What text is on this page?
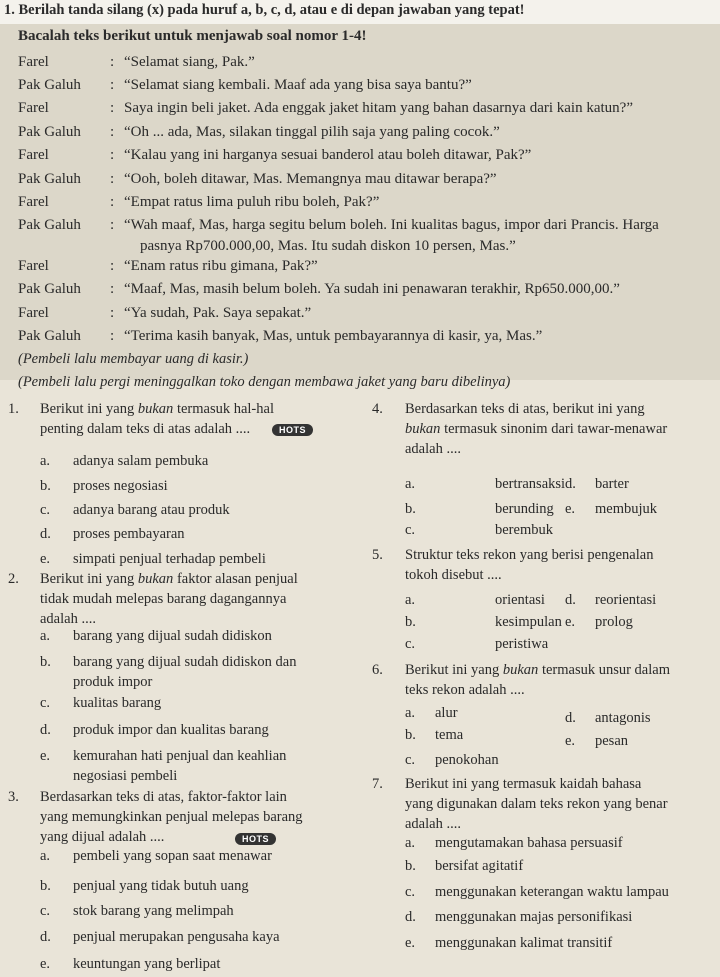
1. Berilah tanda silang (x) pada huruf a, b, c, d, atau e di depan jawaban yang tepat!
Bacalah teks berikut untuk menjawab soal nomor 1-4!
Farel	: “Selamat siang, Pak.”
Pak Galuh : “Selamat siang kembali. Maaf ada yang bisa saya bantu?”
Farel	: Saya ingin beli jaket. Ada enggak jaket hitam yang bahan dasarnya dari kain katun?”
Pak Galuh : “Oh ... ada, Mas, silakan tinggal pilih saja yang paling cocok.”
Farel	: “Kalau yang ini harganya sesuai banderol atau boleh ditawar, Pak?”
Pak Galuh : “Ooh, boleh ditawar, Mas. Memangnya mau ditawar berapa?”
Farel	: “Empat ratus lima puluh ribu boleh, Pak?”
Pak Galuh : “Wah maaf, Mas, harga segitu belum boleh. Ini kualitas bagus, impor dari Prancis. Harga
pasnya Rp700.000,00, Mas. Itu sudah diskon 10 persen, Mas.”
Farel	: “Enam ratus ribu gimana, Pak?”
Pak Galuh : “Maaf, Mas, masih belum boleh. Ya sudah ini penawaran terakhir, Rp650.000,00.”
Farel	: “Ya sudah, Pak. Saya sepakat.”
Pak Galuh : “Terima kasih banyak, Mas, untuk pembayarannya di kasir, ya, Mas.”
(Pembeli lalu membayar uang di kasir.)
(Pembeli lalu pergi meninggalkan toko dengan membawa jaket yang baru dibelinya)
1. Berikut ini yang bukan termasuk hal-hal
penting dalam teks di atas adalah ....	HOTS
a. adanya salam pembuka
b. proses negosiasi
c. adanya barang atau produk
d. proses pembayaran
e. simpati penjual terhadap pembeli
2. Berikut ini yang bukan faktor alasan penjual
tidak mudah melepas barang dagangannya
adalah ....
a. barang yang dijual sudah didiskon
b. barang yang dijual sudah didiskon dan
produk impor
c. kualitas barang
d. produk impor dan kualitas barang
e. kemurahan hati penjual dan keahlian
negosiasi pembeli
3. Berdasarkan teks di atas, faktor-faktor lain
yang memungkinkan penjual melepas barang
yang dijual adalah ....	HOTS
a. pembeli yang sopan saat menawar
b. penjual yang tidak butuh uang
c. stok barang yang melimpah
d. penjual merupakan pengusaha kaya
e. keuntungan yang berlipat
4. Berdasarkan teks di atas, berikut ini yang
bukan termasuk sinonim dari tawar-menawar
adalah ....
a.	bertransaksi d. barter
b.	berunding e. membujuk
c.	berembuk
5. Struktur teks rekon yang berisi pengenalan
tokoh disebut ....
a.	orientasi d. reorientasi
b.	kesimpulan e. prolog
c.	peristiwa
6. Berikut ini yang bukan termasuk unsur dalam
teks rekon adalah ....
a. alur	d. antagonis
b. tema	e. pesan
c. penokohan
7. Berikut ini yang termasuk kaidah bahasa
yang digunakan dalam teks rekon yang benar
adalah ....
a. mengutamakan bahasa persuasif
b. bersifat agitatif
c. menggunakan keterangan waktu lampau
d. menggunakan majas personifikasi
e. menggunakan kalimat transitif
